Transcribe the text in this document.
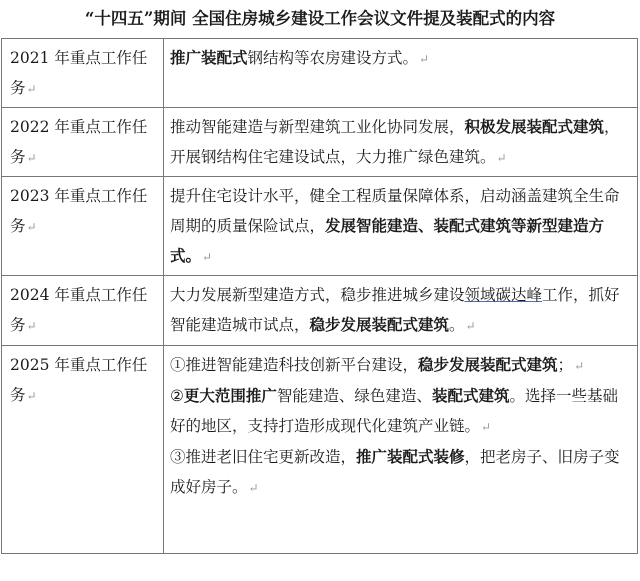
“十四五”期间 全国住房城乡建设工作会议文件提及装配式的内容
2021 年重点工作任务↵	推广装配式钢结构等农房建设方式。↵
2022 年重点工作任务↵	推动智能建造与新型建筑工业化协同发展，积极发展装配式建筑，开展钢结构住宅建设试点，大力推广绿色建筑。↵
2023 年重点工作任务↵	提升住宅设计水平，健全工程质量保障体系，启动涵盖建筑全生命周期的质量保险试点，发展智能建造、装配式建筑等新型建造方式。↵
2024 年重点工作任务↵	大力发展新型建造方式，稳步推进城乡建设领域碳达峰工作，抓好智能建造城市试点，稳步发展装配式建筑。↵
2025 年重点工作任务↵	①推进智能建造科技创新平台建设，稳步发展装配式建筑；↵
②更大范围推广智能建造、绿色建造、装配式建筑。选择一些基础好的地区，支持打造形成现代化建筑产业链。↵
③推进老旧住宅更新改造，推广装配式装修，把老房子、旧房子变成好房子。↵
